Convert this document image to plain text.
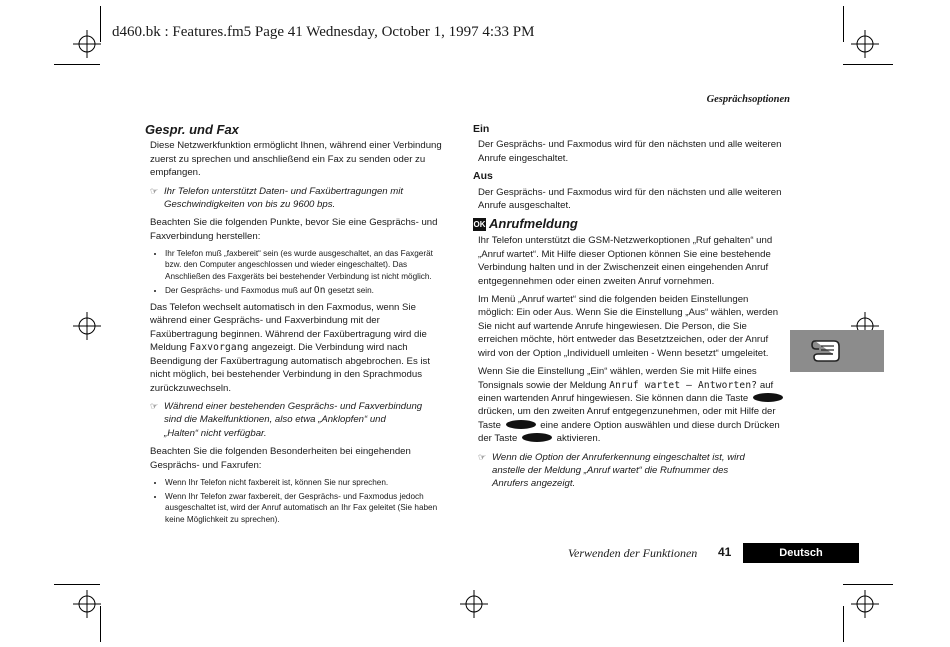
d460.bk : Features.fm5 Page 41 Wednesday, October 1, 1997 4:33 PM
Gesprächsoptionen
Gespr. und Fax

Diese Netzwerkfunktion ermöglicht Ihnen, während einer Verbindung zuerst zu sprechen und anschließend ein Fax zu senden oder zu empfangen.

☞ Ihr Telefon unterstützt Daten- und Faxübertragungen mit
Geschwindigkeiten von bis zu 9600 bps.

Beachten Sie die folgenden Punkte, bevor Sie eine Gesprächs- und Faxverbindung herstellen:

• Ihr Telefon muß „faxbereit“ sein (es wurde ausgeschaltet, an das Faxgerät bzw. den Computer angeschlossen und wieder eingeschaltet). Das Anschließen des Faxgeräts bei bestehender Verbindung ist nicht möglich.
• Der Gesprächs- und Faxmodus muß auf On gesetzt sein.

Das Telefon wechselt automatisch in den Faxmodus, wenn Sie während einer Gesprächs- und Faxverbindung mit der Faxübertragung beginnen. Während der Faxübertragung wird die Meldung Faxvorgang angezeigt. Die Verbindung wird nach Beendigung der Faxübertragung automatisch abgebrochen. Es ist nicht möglich, bei bestehender Verbindung in den Sprachmodus zurückzuwechseln.

☞ Während einer bestehenden Gesprächs- und Faxverbindung
sind die Makelfunktionen, also etwa „Anklopfen“ und
„Halten“ nicht verfügbar.

Beachten Sie die folgenden Besonderheiten bei eingehenden Gesprächs- und Faxrufen:

• Wenn Ihr Telefon nicht faxbereit ist, können Sie nur sprechen.
• Wenn Ihr Telefon zwar faxbereit, der Gesprächs- und Faxmodus jedoch ausgeschaltet ist, wird der Anruf automatisch an Ihr Fax geleitet (Sie haben keine Möglichkeit zu sprechen).
Ein

Der Gesprächs- und Faxmodus wird für den nächsten und alle weiteren Anrufe eingeschaltet.

Aus

Der Gesprächs- und Faxmodus wird für den nächsten und alle weiteren Anrufe ausgeschaltet.

OK Anrufmeldung

Ihr Telefon unterstützt die GSM-Netzwerkoptionen „Ruf gehalten“ und „Anruf wartet“. Mit Hilfe dieser Optionen können Sie eine bestehende Verbindung halten und in der Zwischenzeit einen eingehenden Anruf entgegennehmen oder einen zweiten Anruf vornehmen.

Im Menü „Anruf wartet“ sind die folgenden beiden Einstellungen möglich: Ein oder Aus. Wenn Sie die Einstellung „Aus“ wählen, werden Sie nicht auf wartende Anrufe hingewiesen. Die Person, die Sie erreichen möchte, hört entweder das Besetztzeichen, oder der Anruf wird von der Option „Individuell umleiten - Wenn besetzt“ umgeleitet.

Wenn Sie die Einstellung „Ein“ wählen, werden Sie mit Hilfe eines Tonsignals sowie der Meldung Anruf wartet – Antworten? auf einen wartenden Anruf hingewiesen. Sie können dann die Taste  drücken, um den zweiten Anruf entgegenzunehmen, oder mit Hilfe der Taste	eine andere Option auswählen und diese durch Drücken der Taste	aktivieren.

☞ Wenn die Option der Anruferkennung eingeschaltet ist, wird
anstelle der Meldung „Anruf wartet“ die Rufnummer des
Anrufers angezeigt.
Verwenden der Funktionen 41	Deutsch
